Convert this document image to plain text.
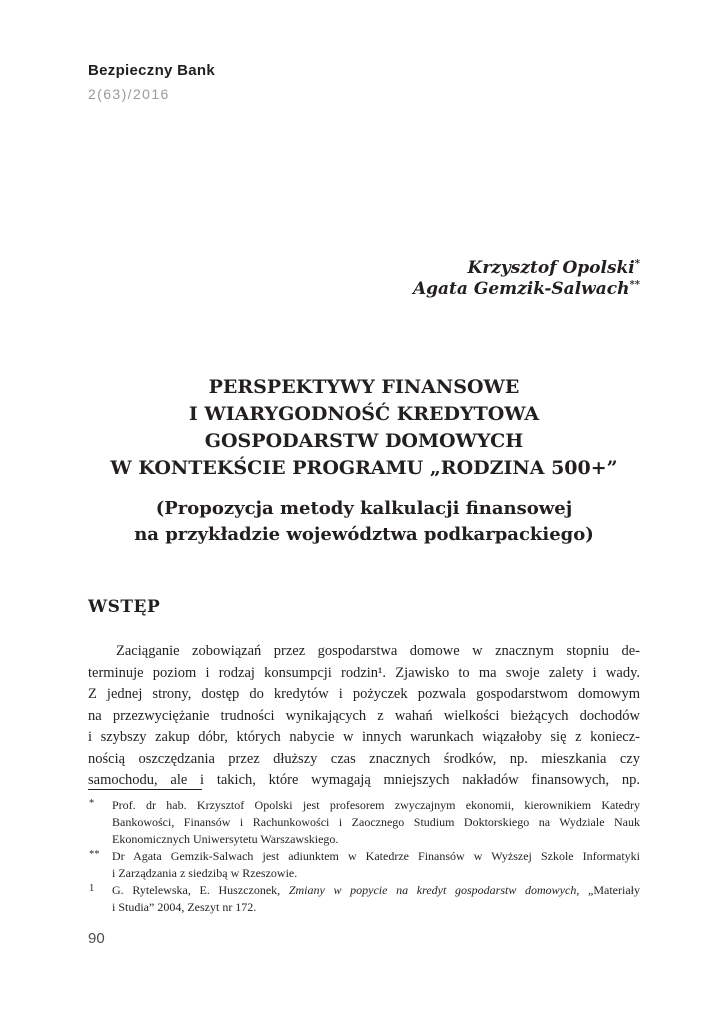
Bezpieczny Bank
2(63)/2016
Krzysztof Opolski*
Agata Gemzik-Salwach**
PERSPEKTYWY FINANSOWE
I WIARYGODNOŚĆ KREDYTOWA
GOSPODARSTW DOMOWYCH
W KONTEKŚCIE PROGRAMU „RODZINA 500+”
(Propozycja metody kalkulacji finansowej
na przykładzie województwa podkarpackiego)
WSTĘP
Zaciąganie zobowiązań przez gospodarstwa domowe w znacznym stopniu de-
terminuje poziom i rodzaj konsumpcji rodzin¹. Zjawisko to ma swoje zalety i wady.
Z jednej strony, dostęp do kredytów i pożyczek pozwala gospodarstwom domowym
na przezwyciężanie trudności wynikających z wahań wielkości bieżących dochodów
i szybszy zakup dóbr, których nabycie w innych warunkach wiązałoby się z koniecz-
nością oszczędzania przez dłuższy czas znacznych środków, np. mieszkania czy
samochodu, ale i takich, które wymagają mniejszych nakładów finansowych, np.
* Prof. dr hab. Krzysztof Opolski jest profesorem zwyczajnym ekonomii, kierownikiem Katedry
Bankowości, Finansów i Rachunkowości i Zaocznego Studium Doktorskiego na Wydziale Nauk
Ekonomicznych Uniwersytetu Warszawskiego.
** Dr Agata Gemzik-Salwach jest adiunktem w Katedrze Finansów w Wyższej Szkole Informatyki
i Zarządzania z siedzibą w Rzeszowie.
1 G. Rytelewska, E. Huszczonek, Zmiany w popycie na kredyt gospodarstw domowych, „Materiały
i Studia” 2004, Zeszyt nr 172.
90
